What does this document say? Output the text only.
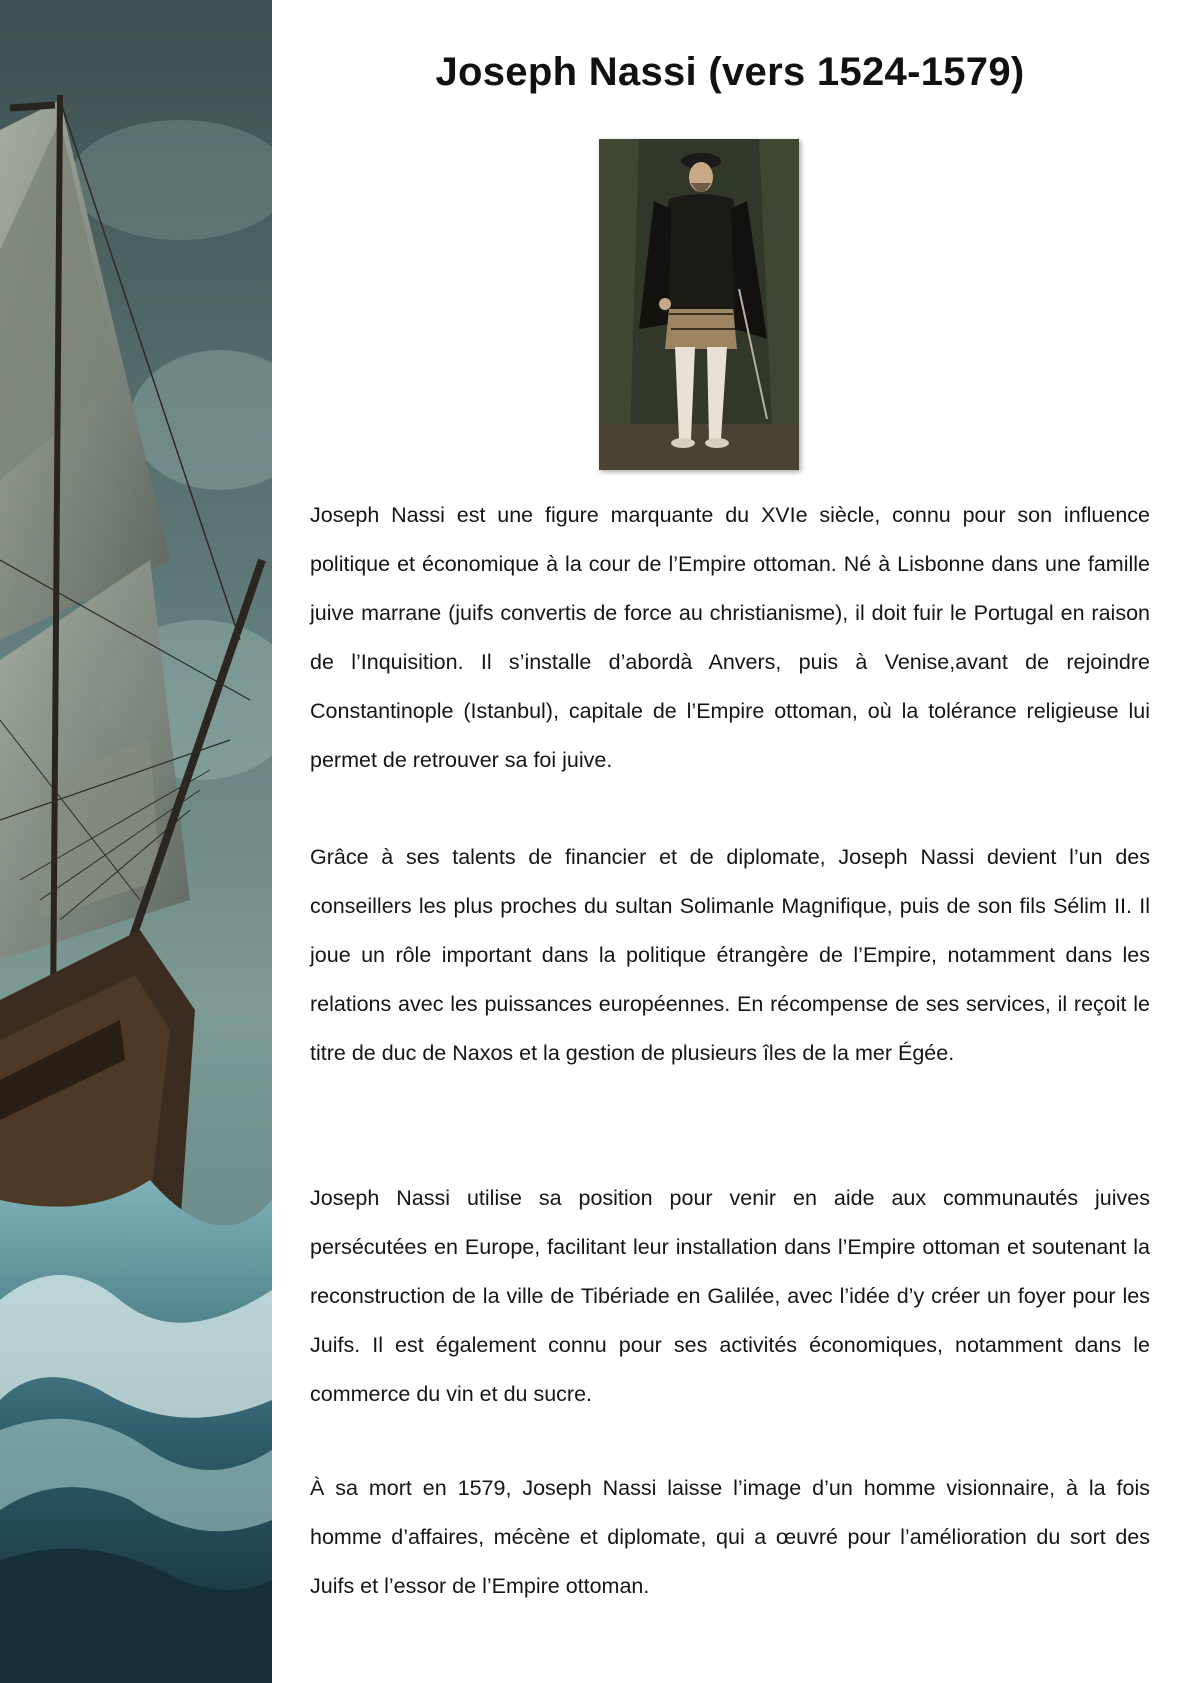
Joseph Nassi (vers 1524-1579)

Joseph Nassi est une figure marquante du XVIe siècle, connu pour son influence politique et économique à la cour de l’Empire ottoman. Né à Lisbonne dans une famille juive marrane (juifs convertis de force au christianisme), il doit fuir le Portugal en raison de l’Inquisition. Il s’installe d’abordà Anvers, puis à Venise,avant de rejoindre Constantinople (Istanbul), capitale de l’Empire ottoman, où la tolérance religieuse lui permet de retrouver sa foi juive.

Grâce à ses talents de financier et de diplomate, Joseph Nassi devient l’un des conseillers les plus proches du sultan Solimanle Magnifique, puis de son fils Sélim II. Il joue un rôle important dans la politique étrangère de l’Empire, notamment dans les relations avec les puissances européennes. En récompense de ses services, il reçoit le titre de duc de Naxos et la gestion de plusieurs îles de la mer Égée.

Joseph Nassi utilise sa position pour venir en aide aux communautés juives persécutées en Europe, facilitant leur installation dans l’Empire ottoman et soutenant la reconstruction de la ville de Tibériade en Galilée, avec l’idée d’y créer un foyer pour les Juifs. Il est également connu pour ses activités économiques, notamment dans le commerce du vin et du sucre.

À sa mort en 1579, Joseph Nassi laisse l’image d’un homme visionnaire, à la fois homme d’affaires, mécène et diplomate, qui a œuvré pour l’amélioration du sort des Juifs et l’essor de l’Empire ottoman.
